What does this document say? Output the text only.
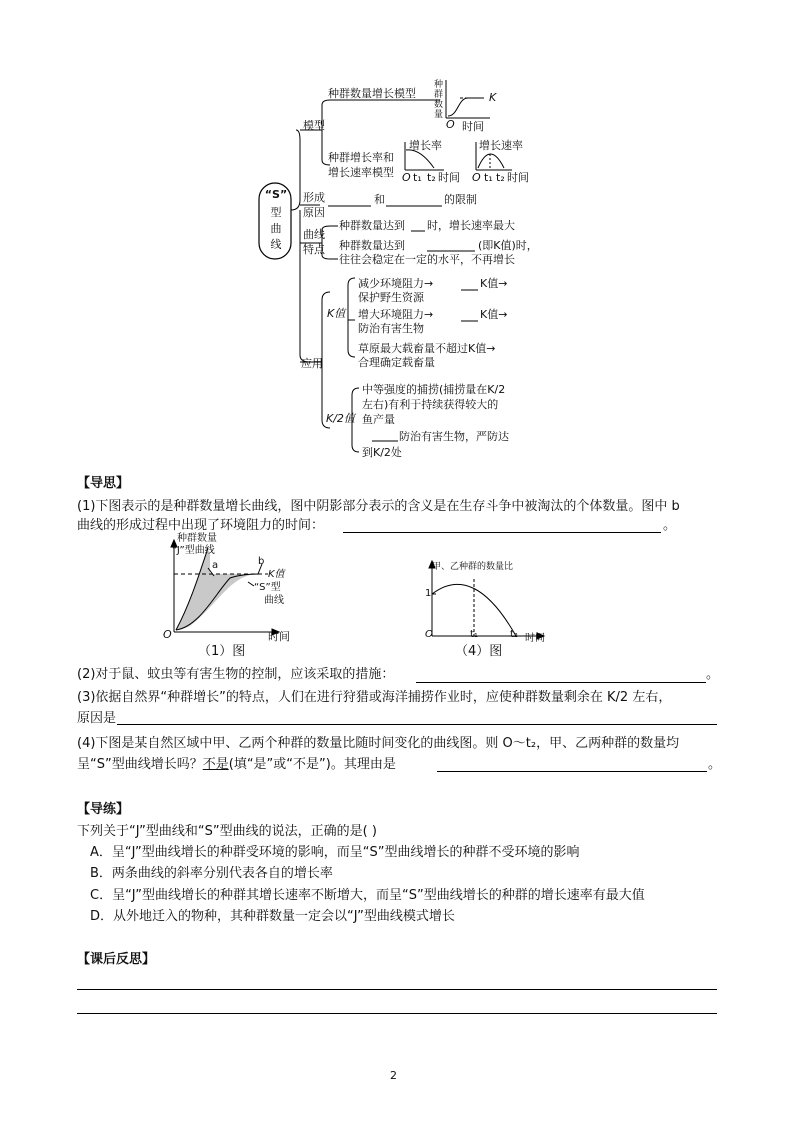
“S”
型曲线
模型
种群数量增长模型
种群增长率和
增长速率模型
种群数量
K
O 时间
增长率	增长速率
O t₁ t₂ 时间 O t₁ t₂ 时间
形成
原因
和	的限制
曲线
特点
种群数量达到 时，增长速率最大
种群数量达到	(即K值)时，
往往会稳定在一定的水平，不再增长
应用
K值
减少环境阻力→	K值→
保护野生资源
增大环境阻力→	K值→
防治有害生物
草原最大载畜量不超过K值→
合理确定载畜量
K/2值
中等强度的捕捞(捕捞量在K/2
左右)有利于持续获得较大的
鱼产量
防治有害生物，严防达
到K/2处
【导思】
(1)下图表示的是种群数量增长曲线，图中阴影部分表示的含义是在生存斗争中被淘汰的个体数量。图中 b
曲线的形成过程中出现了环境阻力的时间：	。
种群数量
“J”型曲线
a	b
K值
“S”型
曲线
O	时间
（1）图
甲、乙种群的数量比
1
O	t₁	t₂ 时间
（4）图
(2)对于鼠、蚊虫等有害生物的控制，应该采取的措施：	。
(3)依据自然界“种群增长”的特点，人们在进行狩猎或海洋捕捞作业时，应使种群数量剩余在 K/2 左右，
原因是
(4)下图是某自然区域中甲、乙两个种群的数量比随时间变化的曲线图。则 O～t₂，甲、乙两种群的数量均
呈“S”型曲线增长吗？不是(填“是”或“不是”)。其理由是	。
【导练】
下列关于“J”型曲线和“S”型曲线的说法，正确的是( )
A．呈“J”型曲线增长的种群受环境的影响，而呈“S”型曲线增长的种群不受环境的影响
B．两条曲线的斜率分别代表各自的增长率
C．呈“J”型曲线增长的种群其增长速率不断增大，而呈“S”型曲线增长的种群的增长速率有最大值
D．从外地迁入的物种，其种群数量一定会以“J”型曲线模式增长
【课后反思】
2
